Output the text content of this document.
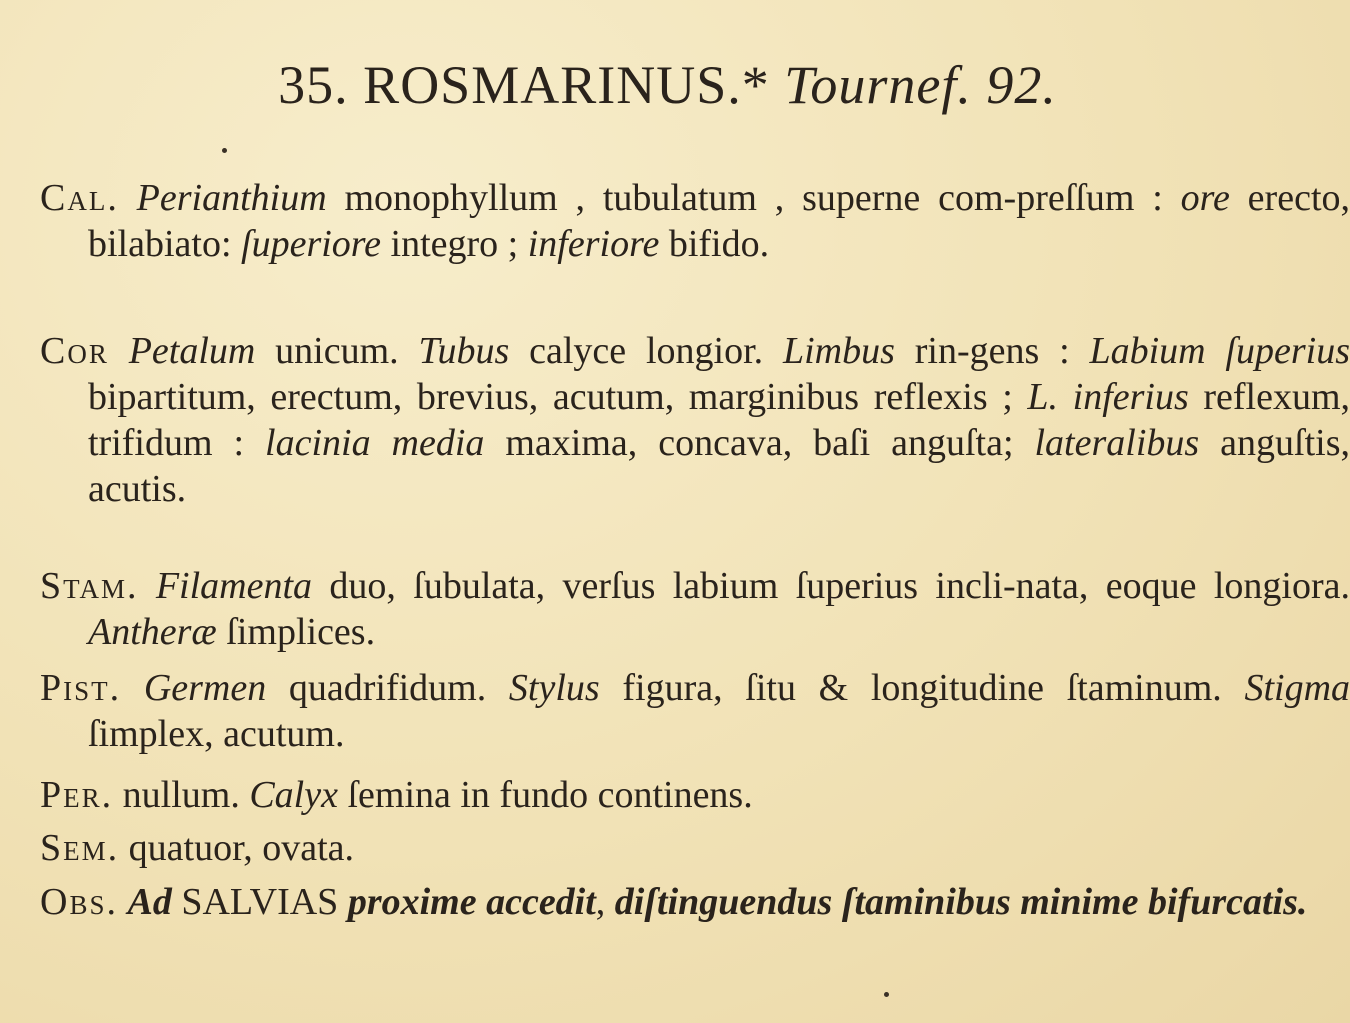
35. ROSMARINUS.* Tournef. 92.
Cal. Perianthium monophyllum , tubulatum , superne com-preſſum : ore erecto, bilabiato: ſuperiore integro ; inferiore bifido.
Cor Petalum unicum. Tubus calyce longior. Limbus rin-gens : Labium ſuperius bipartitum, erectum, brevius, acutum, marginibus reflexis ; L. inferius reflexum, trifidum : lacinia media maxima, concava, baſi anguſta; lateralibus anguſtis, acutis.
Stam. Filamenta duo, ſubulata, verſus labium ſuperius incli-nata, eoque longiora. Antheræ ſimplices.
Pist. Germen quadrifidum. Stylus figura, ſitu & longitudine ſtaminum. Stigma ſimplex, acutum.
Per. nullum. Calyx ſemina in fundo continens.
Sem. quatuor, ovata.
Obs. Ad SALVIAS proxime accedit, diſtinguendus ſtaminibus minime bifurcatis.
